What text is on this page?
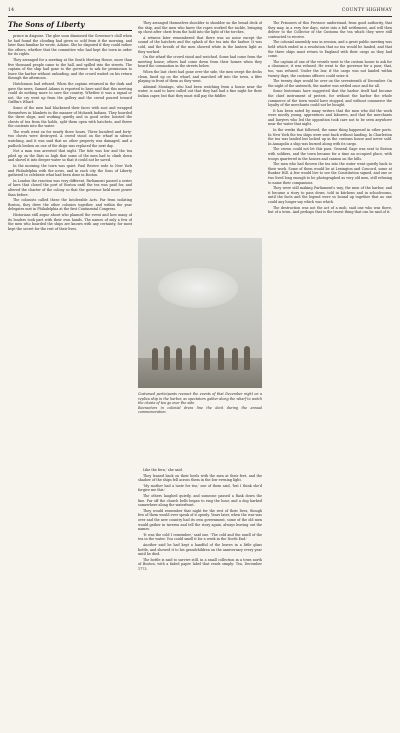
14	COUNTY HIGHWAY
The Sons of Liberty

prince in disguise. The glee soon dismissed the Governor's chill when he had found the clouding had given so cold from it the morning, and later than familiar he wrote, Adams. She he disputed if they could rather the others, whether that the committee who had kept the town in order for its rights.

They arranged for a meeting at the South Meeting House, more than five thousand people came to the hall, and spilled into the streets. The captain of the ship had gone to the governor to ask for permission to leave the harbor without unloading, and the crowd waited on his return through the afternoon.

Hutchinson had refused. When the captain returned in the dark and gave the news, Samuel Adams is reported to have said that this meeting could do nothing more to save the country. Whether it was a signal or not, the cry went up from the gallery and the crowd poured toward Griffin's Wharf.

Some of the men had blackened their faces with soot and wrapped themselves in blankets in the manner of Mohawk Indians. They boarded the three ships, and working quietly and in good order, hoisted the chests of tea from the holds, split them open with hatchets, and threw the contents into the water.

The work went on for nearly three hours. Three hundred and forty-two chests were destroyed. A crowd stood on the wharf in silence watching, and it was said that no other property was damaged, and a padlock broken on one of the ships was replaced the next day.

Not a man was arrested that night. The tide was low and the tea piled up on the flats so high that some of the men had to climb down and shovel it into deeper water so that it could not be saved.

In the morning the town was quiet. Paul Revere rode to New York and Philadelphia with the news, and in each city the Sons of Liberty gathered to celebrate what had been done in Boston.

In London the reaction was very different. Parliament passed a series of laws that closed the port of Boston until the tea was paid for, and altered the charter of the colony so that the governor held more power than before.

The colonists called these the Intolerable Acts. Far from isolating Boston, they drew the other colonies together, and within the year delegates met in Philadelphia at the first Continental Congress.

Historians still argue about who planned the event and how many of its leaders took part with their own hands. The names of only a few of the men who boarded the ships are known with any certainty, for most kept the secret for the rest of their lives.

They arranged themselves shoulder to shoulder on the broad deck of the ship, and the men who knew the ropes worked the tackle, bringing up chest after chest from the hold into the light of the torches.

A witness later remembered that there was no noise except the sound of the hatchets and the splash of the tea into the harbor. It was cold, and the breath of the men showed white in the lantern light as they worked.

On the wharf the crowd stood and watched. Some had come from the meeting house; others had come down from their homes when they heard the commotion in the streets below.

When the last chest had gone over the side, the men swept the decks clean, lined up on the wharf, and marched off into the town, a fifer playing in front of them as they went.

Admiral Montagu, who had been watching from a house near the water, is said to have called out that they had had a fine night for their Indian caper, but that they must still pay the fiddler.

Costumed participants reenact the events of that December night on a replica ship in the harbor, as spectators gather along the wharf to watch the chests of tea go over the side.
Reenactors in colonial dress line the deck during the annual commemoration.

Like the fern,' she said.

They leaned back on their heels with the men at their feet, and the shadow of the ships fell across them in the low evening light.

'My mother had a taste for tea,' one of them said, 'but I think she'd forgive me this.'

The others laughed quietly, and someone passed a flask down the line. Far off the church bells began to ring the hour, and a dog barked somewhere along the waterfront.

They would remember that night for the rest of their lives, though few of them would ever speak of it openly. Years later, when the war was over and the new country had its own government, some of the old men would gather in taverns and tell the story again, always leaving out the names.

'It was the cold I remember,' said one. 'The cold and the smell of the tea in the water. You could smell it for a week in the North End.'

Another said he had kept a handful of the leaves in a little glass bottle, and showed it to his grandchildren on the anniversary every year until he died.

The bottle is said to survive still, in a small collection in a town north of Boston, with a faded paper label that reads simply: Tea, December 1773.

The Prisoners of this Province understand, from good authority, that they may, in a very few days, enter into a full settlement, and will then deliver to the Collector of the Customs the tea which they were still contracted to receive.

The colonial assembly was in session, and a great public meeting was held which ended in a resolution that no tea would be landed, and that the three ships must return to England with their cargo as they had come.

The captain of one of the vessels went to the custom house to ask for a clearance; it was refused. He went to the governor for a pass; that, too, was refused. Under the law, if the cargo was not landed within twenty days, the customs officers could seize it.

The twenty days would be over on the seventeenth of December. On the night of the sixteenth, the matter was settled once and for all.

Some historians have suggested that the harbor itself had become the chief instrument of protest, for without the harbor the whole commerce of the town would have stopped, and without commerce the loyalty of the merchants could not be bought.

It has been noted by many writers that the men who did the work were mostly young, apprentices and laborers, and that the merchants and lawyers who led the opposition took care not to be seen anywhere near the water that night.

In the weeks that followed, the same thing happened in other ports. In New York the tea ships were sent back without landing. In Charleston the tea was landed but locked up in the customs house and never sold. In Annapolis a ship was burned along with its cargo.

The crown could not let this pass. General Gage was sent to Boston with soldiers, and the town became for a time an occupied place, with troops quartered in the houses and cannon on the hills.

The men who had thrown the tea into the water went quietly back to their work. Some of them would be at Lexington and Concord, some at Bunker Hill. A few would live to see the Constitution signed, and one or two lived long enough to be photographed as very old men, still refusing to name their companions.

They were still making Parliament's way, the men of the harbor, and it became a story to pass down, told in kitchens and in schoolrooms, until the facts and the legend were so bound up together that no one could any longer say which was which.

The destruction was not the act of a mob, said one who was there, but of a town. And perhaps that is the truest thing that can be said of it.
